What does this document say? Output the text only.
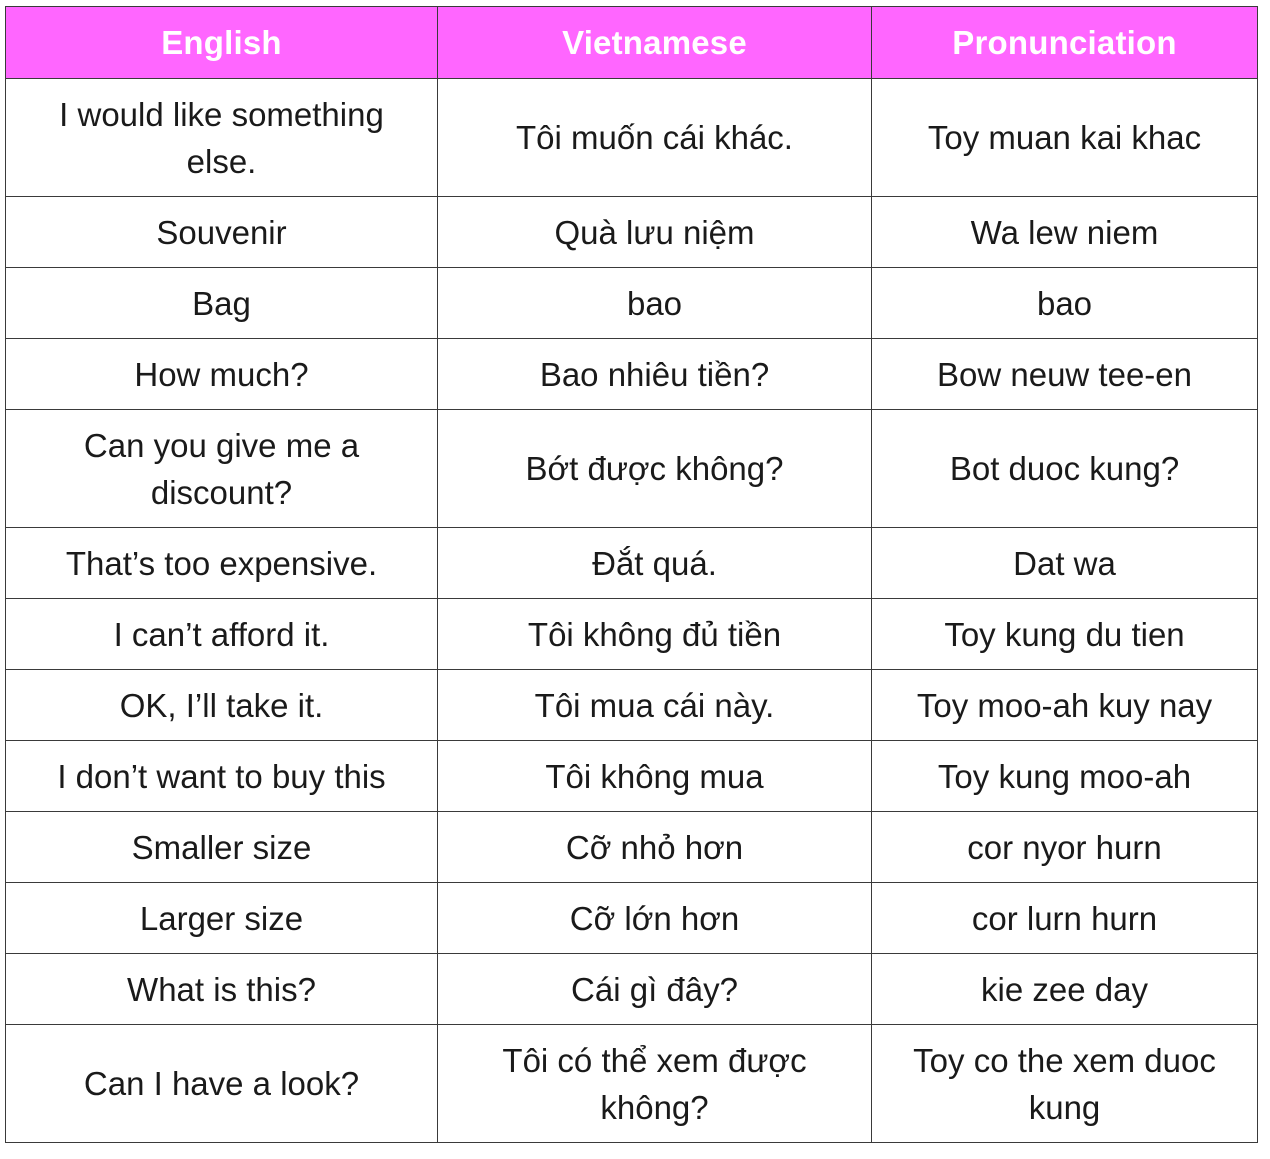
English	Vietnamese	Pronunciation
I would like something else.	Tôi muốn cái khác.	Toy muan kai khac
Souvenir	Quà lưu niệm	Wa lew niem
Bag	bao	bao
How much?	Bao nhiêu tiền?	Bow neuw tee-en
Can you give me a discount?	Bớt được không?	Bot duoc kung?
That’s too expensive.	Đắt quá.	Dat wa
I can’t afford it.	Tôi không đủ tiền	Toy kung du tien
OK, I’ll take it.	Tôi mua cái này.	Toy moo-ah kuy nay
I don’t want to buy this	Tôi không mua	Toy kung moo-ah
Smaller size	Cỡ nhỏ hơn	cor nyor hurn
Larger size	Cỡ lớn hơn	cor lurn hurn
What is this?	Cái gì đây?	kie zee day
Can I have a look?	Tôi có thể xem được không?	Toy co the xem duoc kung
